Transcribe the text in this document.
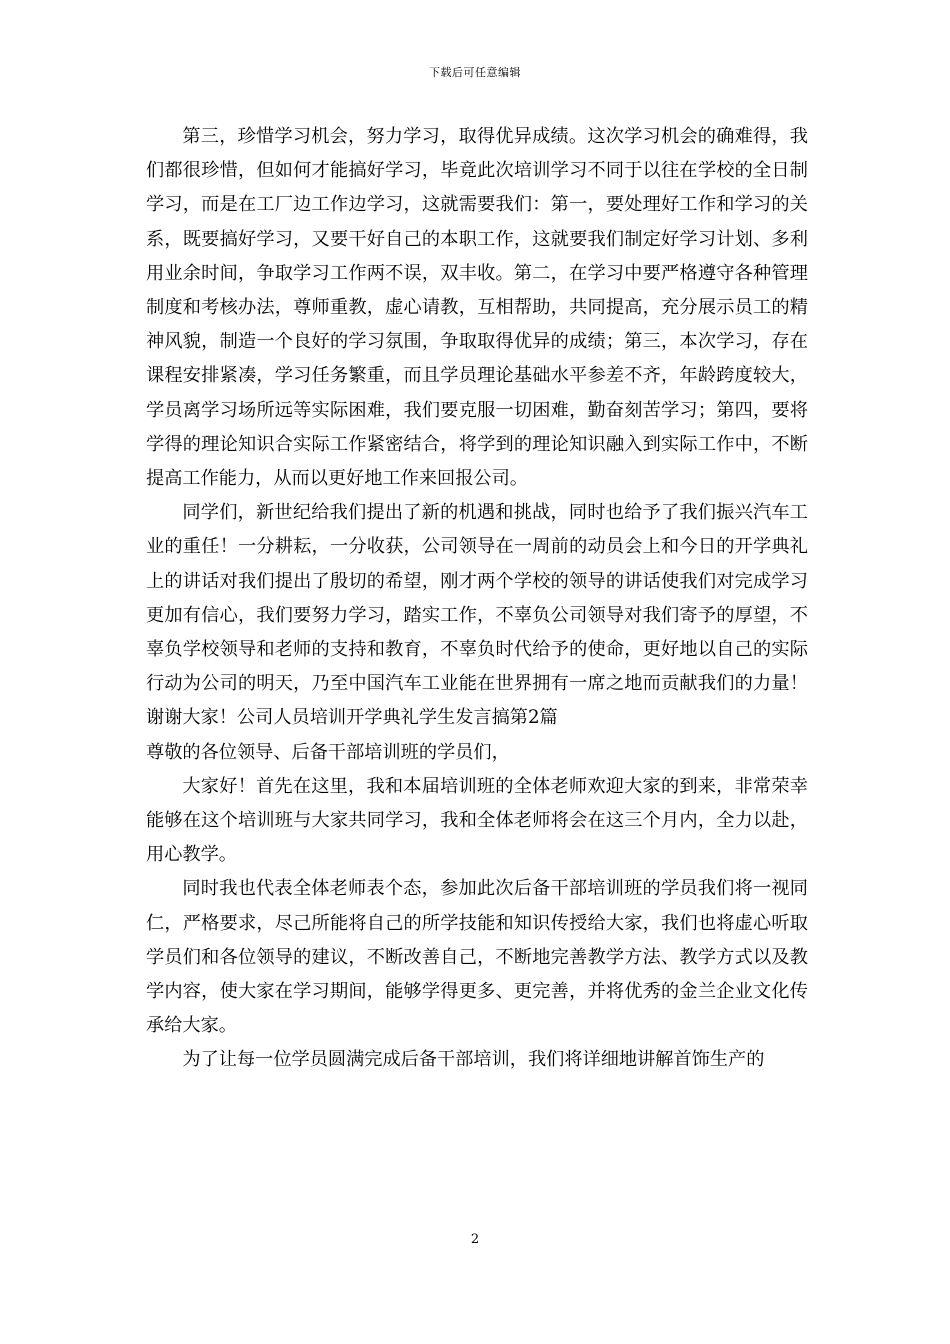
下载后可任意编辑

第三，珍惜学习机会，努力学习，取得优异成绩。这次学习机会的确难得，我们都很珍惜，但如何才能搞好学习，毕竟此次培训学习不同于以往在学校的全日制学习，而是在工厂边工作边学习，这就需要我们：第一，要处理好工作和学习的关系，既要搞好学习，又要干好自己的本职工作，这就要我们制定好学习计划、多利用业余时间，争取学习工作两不误，双丰收。第二，在学习中要严格遵守各种管理制度和考核办法，尊师重教，虚心请教，互相帮助，共同提高，充分展示员工的精神风貌，制造一个良好的学习氛围，争取取得优异的成绩；第三，本次学习，存在课程安排紧凑，学习任务繁重，而且学员理论基础水平参差不齐，年龄跨度较大，学员离学习场所远等实际困难，我们要克服一切困难，勤奋刻苦学习；第四，要将学得的理论知识合实际工作紧密结合，将学到的理论知识融入到实际工作中，不断提高工作能力，从而以更好地工作来回报公司。

同学们，新世纪给我们提出了新的机遇和挑战，同时也给予了我们振兴汽车工业的重任！一分耕耘，一分收获，公司领导在一周前的动员会上和今日的开学典礼上的讲话对我们提出了殷切的希望，刚才两个学校的领导的讲话使我们对完成学习更加有信心，我们要努力学习，踏实工作，不辜负公司领导对我们寄予的厚望，不辜负学校领导和老师的支持和教育，不辜负时代给予的使命，更好地以自己的实际行动为公司的明天，乃至中国汽车工业能在世界拥有一席之地而贡献我们的力量！谢谢大家！公司人员培训开学典礼学生发言搞第2篇

尊敬的各位领导、后备干部培训班的学员们，

大家好！首先在这里，我和本届培训班的全体老师欢迎大家的到来，非常荣幸能够在这个培训班与大家共同学习，我和全体老师将会在这三个月内，全力以赴，用心教学。

同时我也代表全体老师表个态，参加此次后备干部培训班的学员我们将一视同仁，严格要求，尽己所能将自己的所学技能和知识传授给大家，我们也将虚心听取学员们和各位领导的建议，不断改善自己，不断地完善教学方法、教学方式以及教学内容，使大家在学习期间，能够学得更多、更完善，并将优秀的金兰企业文化传承给大家。

为了让每一位学员圆满完成后备干部培训，我们将详细地讲解首饰生产的

2
